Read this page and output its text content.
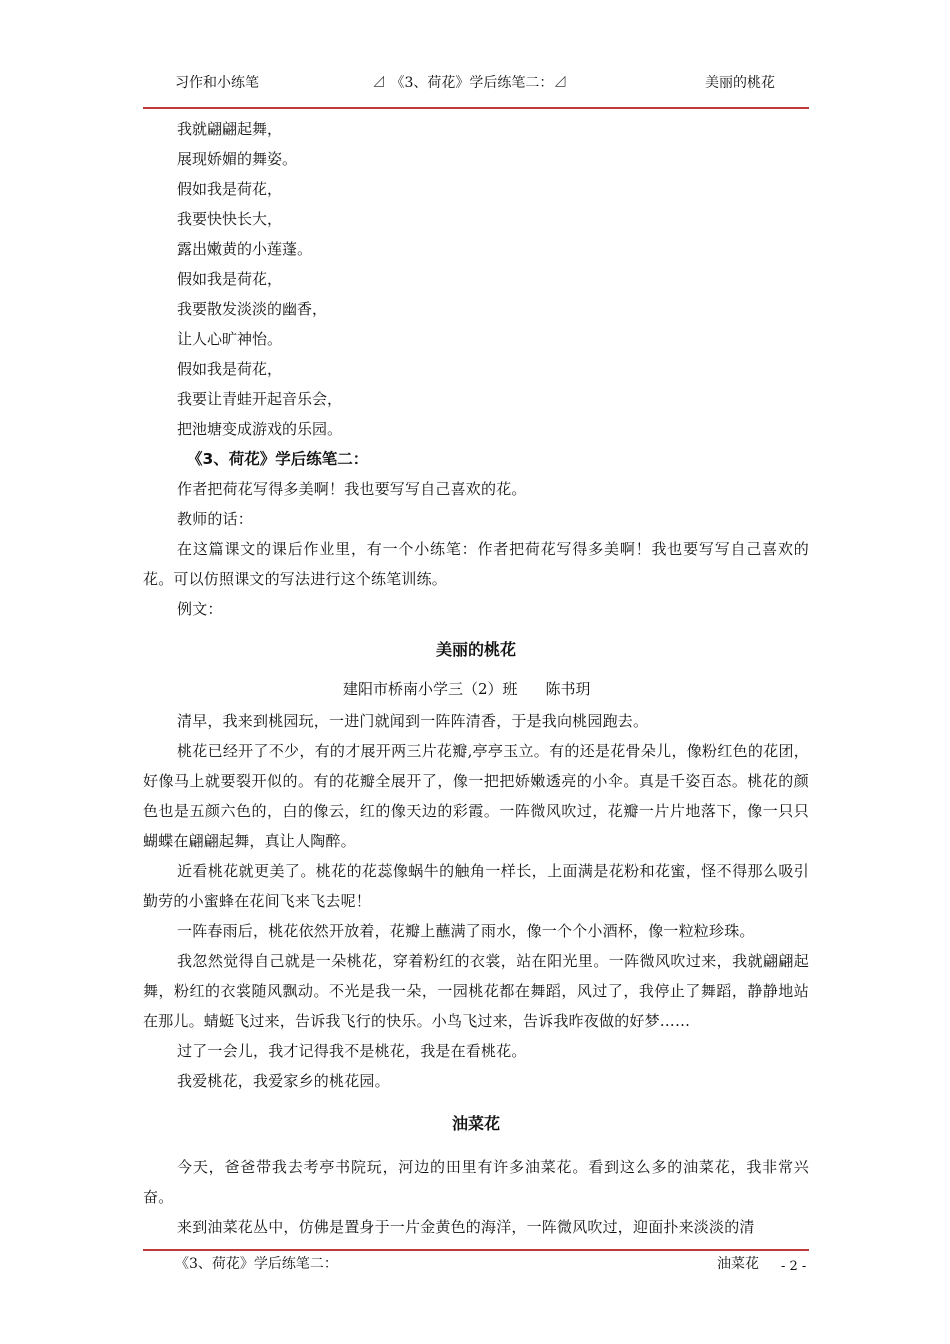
习作和小练笔	⊿ 《3、荷花》学后练笔二：⊿	美丽的桃花

我就翩翩起舞，

展现娇媚的舞姿。

假如我是荷花，

我要快快长大，

露出嫩黄的小莲蓬。

假如我是荷花，

我要散发淡淡的幽香，

让人心旷神怡。

假如我是荷花，

我要让青蛙开起音乐会，

把池塘变成游戏的乐园。

《3、荷花》学后练笔二：

作者把荷花写得多美啊！我也要写写自己喜欢的花。

教师的话：

在这篇课文的课后作业里，有一个小练笔：作者把荷花写得多美啊！我也要写写自己喜欢的花。可以仿照课文的写法进行这个练笔训练。

例文：

美丽的桃花

建阳市桥南小学三（2）班 陈书玥

清早，我来到桃园玩，一进门就闻到一阵阵清香，于是我向桃园跑去。

桃花已经开了不少，有的才展开两三片花瓣,亭亭玉立。有的还是花骨朵儿，像粉红色的花团，好像马上就要裂开似的。有的花瓣全展开了，像一把把娇嫩透亮的小伞。真是千姿百态。桃花的颜色也是五颜六色的，白的像云，红的像天边的彩霞。一阵微风吹过，花瓣一片片地落下，像一只只蝴蝶在翩翩起舞，真让人陶醉。

近看桃花就更美了。桃花的花蕊像蜗牛的触角一样长，上面满是花粉和花蜜，怪不得那么吸引勤劳的小蜜蜂在花间飞来飞去呢！

一阵春雨后，桃花依然开放着，花瓣上蘸满了雨水，像一个个小酒杯，像一粒粒珍珠。

我忽然觉得自己就是一朵桃花，穿着粉红的衣裳，站在阳光里。一阵微风吹过来，我就翩翩起舞，粉红的衣裳随风飘动。不光是我一朵，一园桃花都在舞蹈，风过了，我停止了舞蹈，静静地站在那儿。蜻蜓飞过来，告诉我飞行的快乐。小鸟飞过来，告诉我昨夜做的好梦……

过了一会儿，我才记得我不是桃花，我是在看桃花。

我爱桃花，我爱家乡的桃花园。

油菜花

今天，爸爸带我去考亭书院玩，河边的田里有许多油菜花。看到这么多的油菜花，我非常兴奋。

来到油菜花丛中，仿佛是置身于一片金黄色的海洋，一阵微风吹过，迎面扑来淡淡的清

《3、荷花》学后练笔二：	油菜花 - 2 -
